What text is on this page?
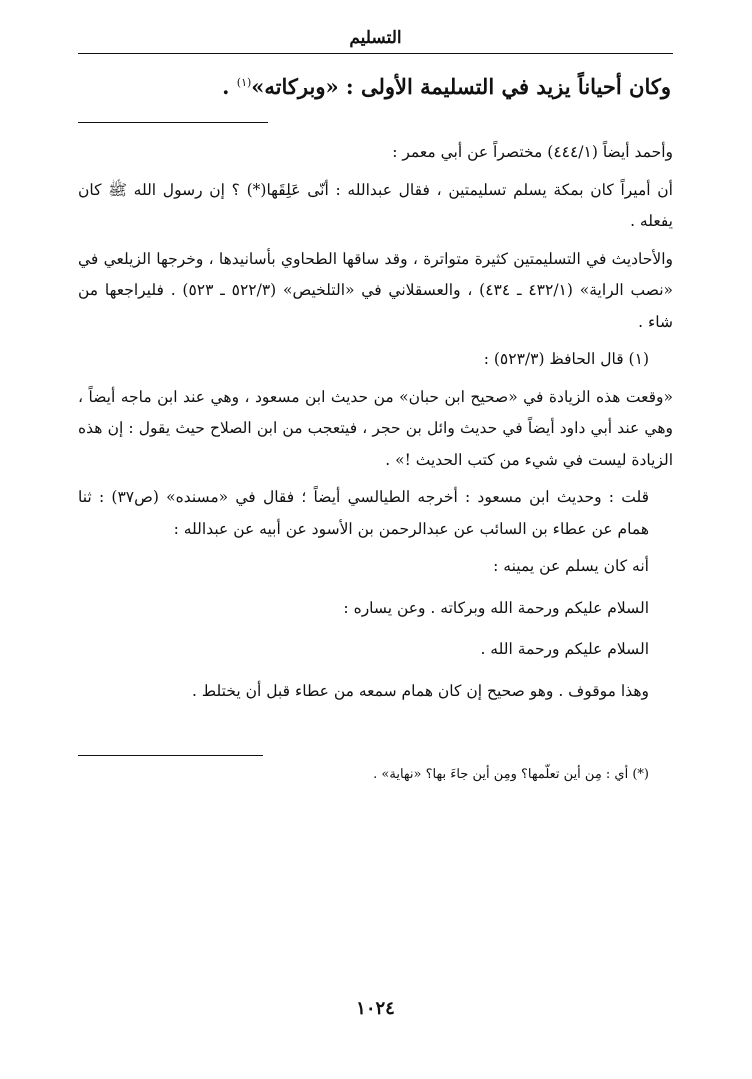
التسليم
وكان أحياناً يزيد في التسليمة الأولى : «وبركاته»$^{(١)}$ .

وأحمد أيضاً (٤٤٤/١) مختصراً عن أبي معمر :

أن أميراً كان بمكة يسلم تسليمتين ، فقال عبدالله : أنّى عَلِقَها(*) ؟ إن رسول الله ﷺ كان يفعله .

والأحاديث في التسليمتين كثيرة متواترة ، وقد ساقها الطحاوي بأسانيدها ، وخرجها الزيلعي في «نصب الراية» (٤٣٢/١ ـ ٤٣٤) ، والعسقلاني في «التلخيص» (٥٢٢/٣ ـ ٥٢٣) . فليراجعها من شاء .

(١) قال الحافظ (٥٢٣/٣) :

«وقعت هذه الزيادة في «صحيح ابن حبان» من حديث ابن مسعود ، وهي عند ابن ماجه أيضاً ، وهي عند أبي داود أيضاً في حديث وائل بن حجر ، فيتعجب من ابن الصلاح حيث يقول : إن هذه الزيادة ليست في شيء من كتب الحديث !» .

قلت : وحديث ابن مسعود : أخرجه الطيالسي أيضاً ؛ فقال في «مسنده» (ص٣٧) : ثنا همام عن عطاء بن السائب عن عبدالرحمن بن الأسود عن أبيه عن عبدالله :

أنه كان يسلم عن يمينه :

السلام عليكم ورحمة الله وبركاته . وعن يساره :

السلام عليكم ورحمة الله .

وهذا موقوف . وهو صحيح إن كان همام سمعه من عطاء قبل أن يختلط .

(*) أي : مِن أين تعلّمها؟ ومِن أين جاءَ بها؟ «نهاية» .
١٠٢٤
